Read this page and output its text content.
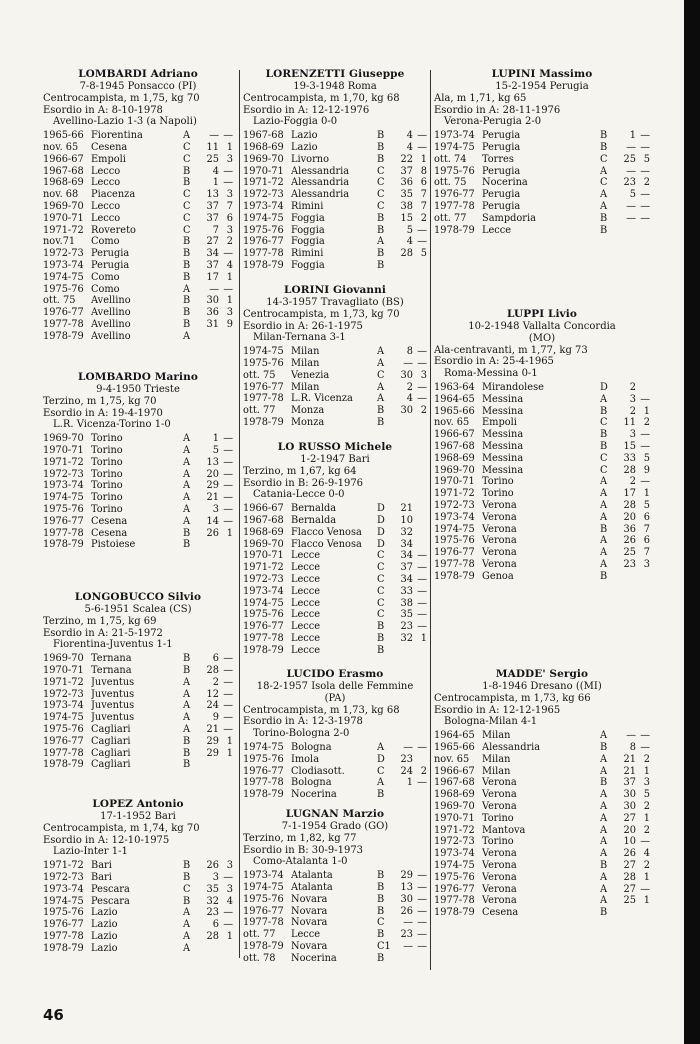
LOMBARDI Adriano
7-8-1945 Ponsacco (PI)
Centrocampista, m 1,75, kg 70
Esordio in A: 8-10-1978
Avellino-Lazio 1-3 (a Napoli)
1965-66 Fiorentina	A	— —
nov. 65	Cesena	C	11 1
1966-67 Empoli	C	25 3
1967-68 Lecco	B	4 —
1968-69 Lecco	B	1 —
nov. 68	Piacenza	C	13 3
1969-70 Lecco	C	37 7
1970-71 Lecco	C	37 6
1971-72 Rovereto	C	7 3
nov.71	Como	B	27 2
1972-73 Perugia	B	34 —
1973-74 Perugia	B	37 4
1974-75 Como	B	17 1
1975-76 Como	A	— —
ott. 75	Avellino	B	30 1
1976-77 Avellino	B	36 3
1977-78 Avellino	B	31 9
1978-79 Avellino	A
LOMBARDO Marino
9-4-1950 Trieste
Terzino, m 1,75, kg 70
Esordio in A: 19-4-1970
L.R. Vicenza-Torino 1-0
1969-70 Torino	A	1 —
1970-71 Torino	A	5 —
1971-72 Torino	A	13 —
1972-73 Torino	A	20 —
1973-74 Torino	A	29 —
1974-75 Torino	A	21 —
1975-76 Torino	A	3 —
1976-77 Cesena	A	14 —
1977-78 Cesena	B	26 1
1978-79 Pistoiese	B
LONGOBUCCO Silvio
5-6-1951 Scalea (CS)
Terzino, m 1,75, kg 69
Esordio in A: 21-5-1972
Fiorentina-Juventus 1-1
1969-70 Ternana	B	6 —
1970-71 Ternana	B	28 —
1971-72 Juventus	A	2 —
1972-73 Juventus	A	12 —
1973-74 Juventus	A	24 —
1974-75 Juventus	A	9 —
1975-76 Cagliari	A	21 —
1976-77 Cagliari	B	29 1
1977-78 Cagliari	B	29 1
1978-79 Cagliari	B
LOPEZ Antonio
17-1-1952 Bari
Centrocampista, m 1,74, kg 70
Esordio in A: 12-10-1975
Lazio-Inter 1-1
1971-72 Bari	B	26 3
1972-73 Bari	B	3 —
1973-74 Pescara	C	35 3
1974-75 Pescara	B	32 4
1975-76 Lazio	A	23 —
1976-77 Lazio	A	6 —
1977-78 Lazio	A	28 1
1978-79 Lazio	A
LORENZETTI Giuseppe
19-3-1948 Roma
Centrocampista, m 1,70, kg 68
Esordio in A: 12-12-1976
Lazio-Foggia 0-0
1967-68 Lazio	B	4 —
1968-69 Lazio	B	4 —
1969-70 Livorno	B	22 1
1970-71 Alessandria	C	37 8
1971-72 Alessandria	C	36 6
1972-73 Alessandria	C	35 7
1973-74 Rimini	C	38 7
1974-75 Foggia	B	15 2
1975-76 Foggia	B	5 —
1976-77 Foggia	A	4 —
1977-78 Rimini	B	28 5
1978-79 Foggia	B
LORINI Giovanni
14-3-1957 Travagliato (BS)
Centrocampista, m 1,73, kg 70
Esordio in A: 26-1-1975
Milan-Ternana 3-1
1974-75 Milan	A	8 —
1975-76 Milan	A	— —
ott. 75	Venezia	C	30 3
1976-77 Milan	A	2 —
1977-78 L.R. Vicenza	A	4 —
ott. 77	Monza	B	30 2
1978-79 Monza	B
LO RUSSO Michele
1-2-1947 Bari
Terzino, m 1,67, kg 64
Esordio in B: 26-9-1976
Catania-Lecce 0-0
1966-67 Bernalda	D	21
1967-68 Bernalda	D	10
1968-69 Flacco Venosa	D	32
1969-70 Flacco Venosa	D	34
1970-71 Lecce	C	34 —
1971-72 Lecce	C	37 —
1972-73 Lecce	C	34 —
1973-74 Lecce	C	33 —
1974-75 Lecce	C	38 —
1975-76 Lecce	C	35 —
1976-77 Lecce	B	23 —
1977-78 Lecce	B	32 1
1978-79 Lecce	B
LUCIDO Erasmo
18-2-1957 Isola delle Femmine
(PA)
Centrocampista, m 1,73, kg 68
Esordio in A: 12-3-1978
Torino-Bologna 2-0
1974-75 Bologna	A	— —
1975-76 Imola	D	23
1976-77 Clodiasott.	C	24 2
1977-78 Bologna	A	1 —
1978-79 Nocerina	B
LUGNAN Marzio
7-1-1954 Grado (GO)
Terzino, m 1,82, kg 77
Esordio in B: 30-9-1973
Como-Atalanta 1-0
1973-74 Atalanta	B	29 —
1974-75 Atalanta	B	13 —
1975-76 Novara	B	30 —
1976-77 Novara	B	26 —
1977-78 Novara	C	— —
ott. 77	Lecce	B	23 —
1978-79 Novara	C1	— —
ott. 78	Nocerina	B
LUPINI Massimo
15-2-1954 Perugia
Ala, m 1,71, kg 65
Esordio in A: 28-11-1976
Verona-Perugia 2-0
1973-74 Perugia	B	1 —
1974-75 Perugia	B	— —
ott. 74	Torres	C	25 5
1975-76 Perugia	A	— —
ott. 75	Nocerina	C	23 2
1976-77 Perugia	A	5 —
1977-78 Perugia	A	— —
ott. 77	Sampdoria	B	— —
1978-79 Lecce	B
LUPPI Livio
10-2-1948 Vallalta Concordia
(MO)
Ala-centravanti, m 1,77, kg 73
Esordio in A: 25-4-1965
Roma-Messina 0-1
1963-64 Mirandolese	D	2
1964-65 Messina	A	3 —
1965-66 Messina	B	2 1
nov. 65	Empoli	C	11 2
1966-67 Messina	B	3 —
1967-68 Messina	B	15 —
1968-69 Messina	C	33 5
1969-70 Messina	C	28 9
1970-71 Torino	A	2 —
1971-72 Torino	A	17 1
1972-73 Verona	A	28 5
1973-74 Verona	A	20 6
1974-75 Verona	B	36 7
1975-76 Verona	A	26 6
1976-77 Verona	A	25 7
1977-78 Verona	A	23 3
1978-79 Genoa	B
MADDE' Sergio
1-8-1946 Dresano ((MI)
Centrocampista, m 1,73, kg 66
Esordio in A: 12-12-1965
Bologna-Milan 4-1
1964-65 Milan	A	— —
1965-66 Alessandria	B	8 —
nov. 65	Milan	A	21 2
1966-67 Milan	A	21 1
1967-68 Verona	B	37 3
1968-69 Verona	A	30 5
1969-70 Verona	A	30 2
1970-71 Torino	A	27 1
1971-72 Mantova	A	20 2
1972-73 Torino	A	10 —
1973-74 Verona	A	26 4
1974-75 Verona	B	27 2
1975-76 Verona	A	28 1
1976-77 Verona	A	27 —
1977-78 Verona	A	25 1
1978-79 Cesena	B
46
